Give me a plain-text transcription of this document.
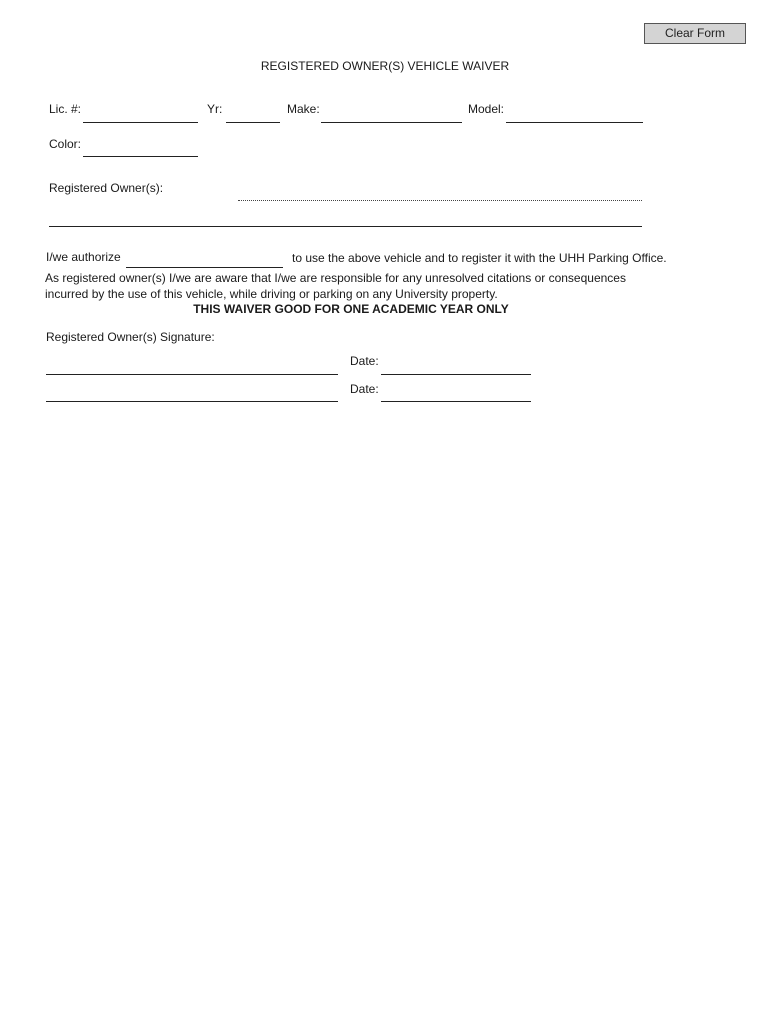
Clear Form
REGISTERED OWNER(S) VEHICLE WAIVER
Lic. #:	Yr:	Make:	Model:
Color:
Registered Owner(s):
I/we authorize	to use the above vehicle and to register it with the UHH Parking Office.
As registered owner(s) I/we are aware that I/we are responsible for any unresolved citations or consequences
incurred by the use of this vehicle, while driving or parking on any University property.
THIS WAIVER GOOD FOR ONE ACADEMIC YEAR ONLY
Registered Owner(s) Signature:
Date:
Date:
